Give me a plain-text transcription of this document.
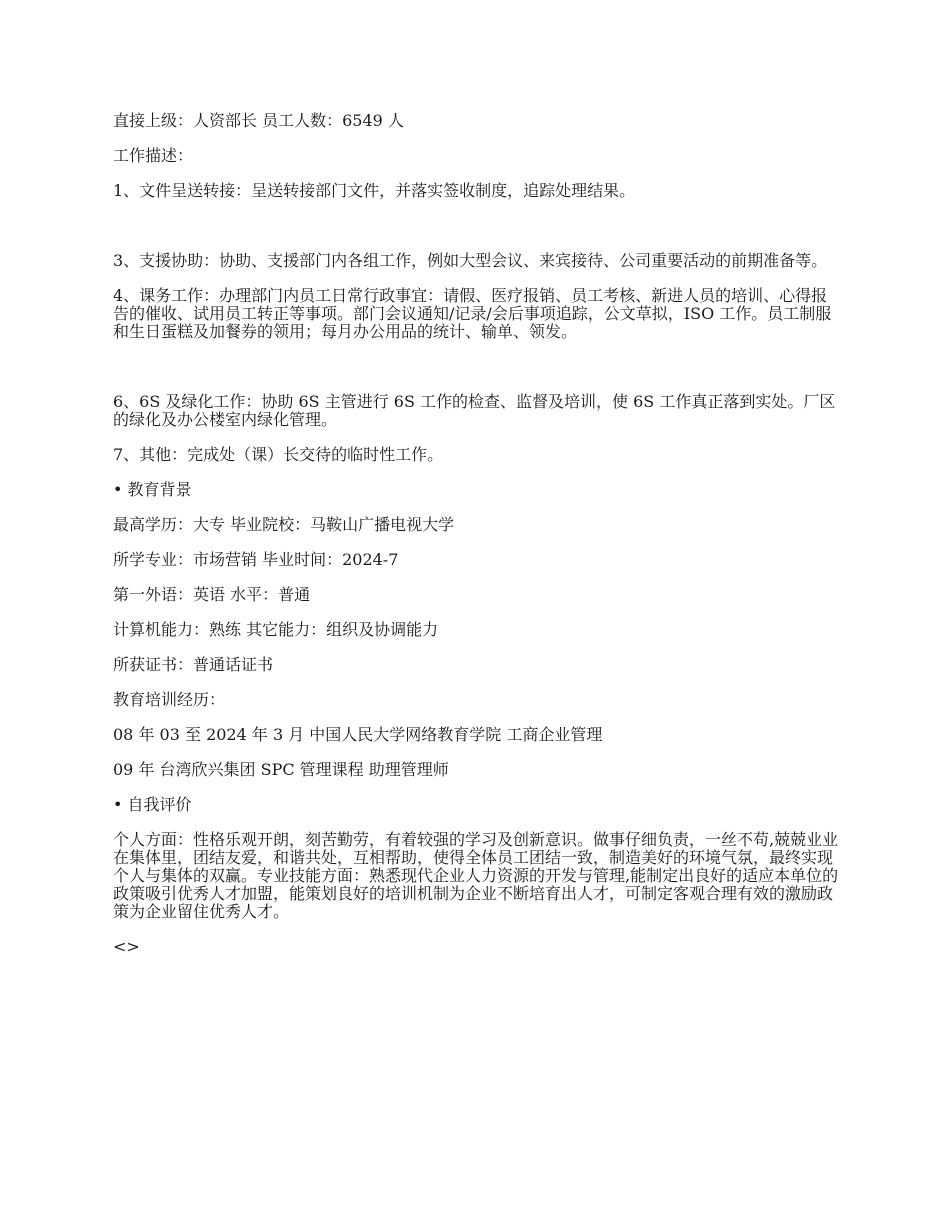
直接上级：人资部长 员工人数：6549 人

工作描述：

1、文件呈送转接：呈送转接部门文件，并落实签收制度，追踪处理结果。

3、支援协助：协助、支援部门内各组工作，例如大型会议、来宾接待、公司重要活动的前期准备等。

4、课务工作：办理部门内员工日常行政事宜：请假、医疗报销、员工考核、新进人员的培训、心得报告的催收、试用员工转正等事项。部门会议通知/记录/会后事项追踪，公文草拟，ISO 工作。员工制服和生日蛋糕及加餐券的领用；每月办公用品的统计、输单、领发。

6、6S 及绿化工作：协助 6S 主管进行 6S 工作的检查、监督及培训，使 6S 工作真正落到实处。厂区的绿化及办公楼室内绿化管理。

7、其他：完成处（课）长交待的临时性工作。

• 教育背景

最高学历：大专 毕业院校：马鞍山广播电视大学

所学专业：市场营销 毕业时间：2024-7

第一外语：英语 水平：普通

计算机能力：熟练 其它能力：组织及协调能力

所获证书：普通话证书

教育培训经历：

08 年 03 至 2024 年 3 月 中国人民大学网络教育学院 工商企业管理

09 年 台湾欣兴集团 SPC 管理课程 助理管理师

• 自我评价

个人方面：性格乐观开朗，刻苦勤劳，有着较强的学习及创新意识。做事仔细负责，一丝不苟,兢兢业业在集体里，团结友爱，和谐共处，互相帮助，使得全体员工团结一致，制造美好的环境气氛，最终实现个人与集体的双赢。专业技能方面：熟悉现代企业人力资源的开发与管理,能制定出良好的适应本单位的政策吸引优秀人才加盟，能策划良好的培训机制为企业不断培育出人才，可制定客观合理有效的激励政策为企业留住优秀人才。

<>
